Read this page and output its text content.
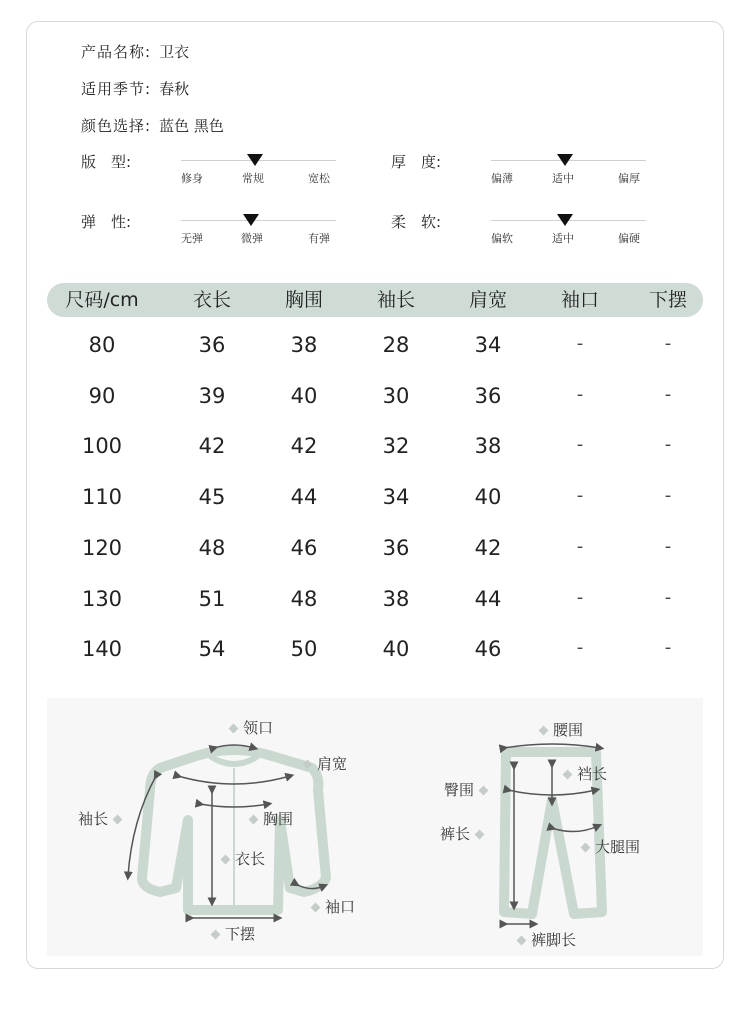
产品名称: 卫衣
适用季节: 春秋
颜色选择: 蓝色 黑色
版　型:
修身	常规	宽松
厚　度:
偏薄	适中	偏厚
弹　性:
无弹	微弹	有弹
柔　软:
偏软	适中	偏硬
尺码/cm	衣长	胸围	袖长	肩宽	袖口	下摆
80	36	38	28	34	-	-
90	39	40	30	36	-	-
100	42	42	32	38	-	-
110	45	44	34	40	-	-
120	48	46	36	42	-	-
130	51	48	38	44	-	-
140	54	50	40	46	-	-
领口
肩宽
袖长	胸围
衣长
袖口
下摆
腰围
裆长
臀围
裤长
大腿围
裤脚长
